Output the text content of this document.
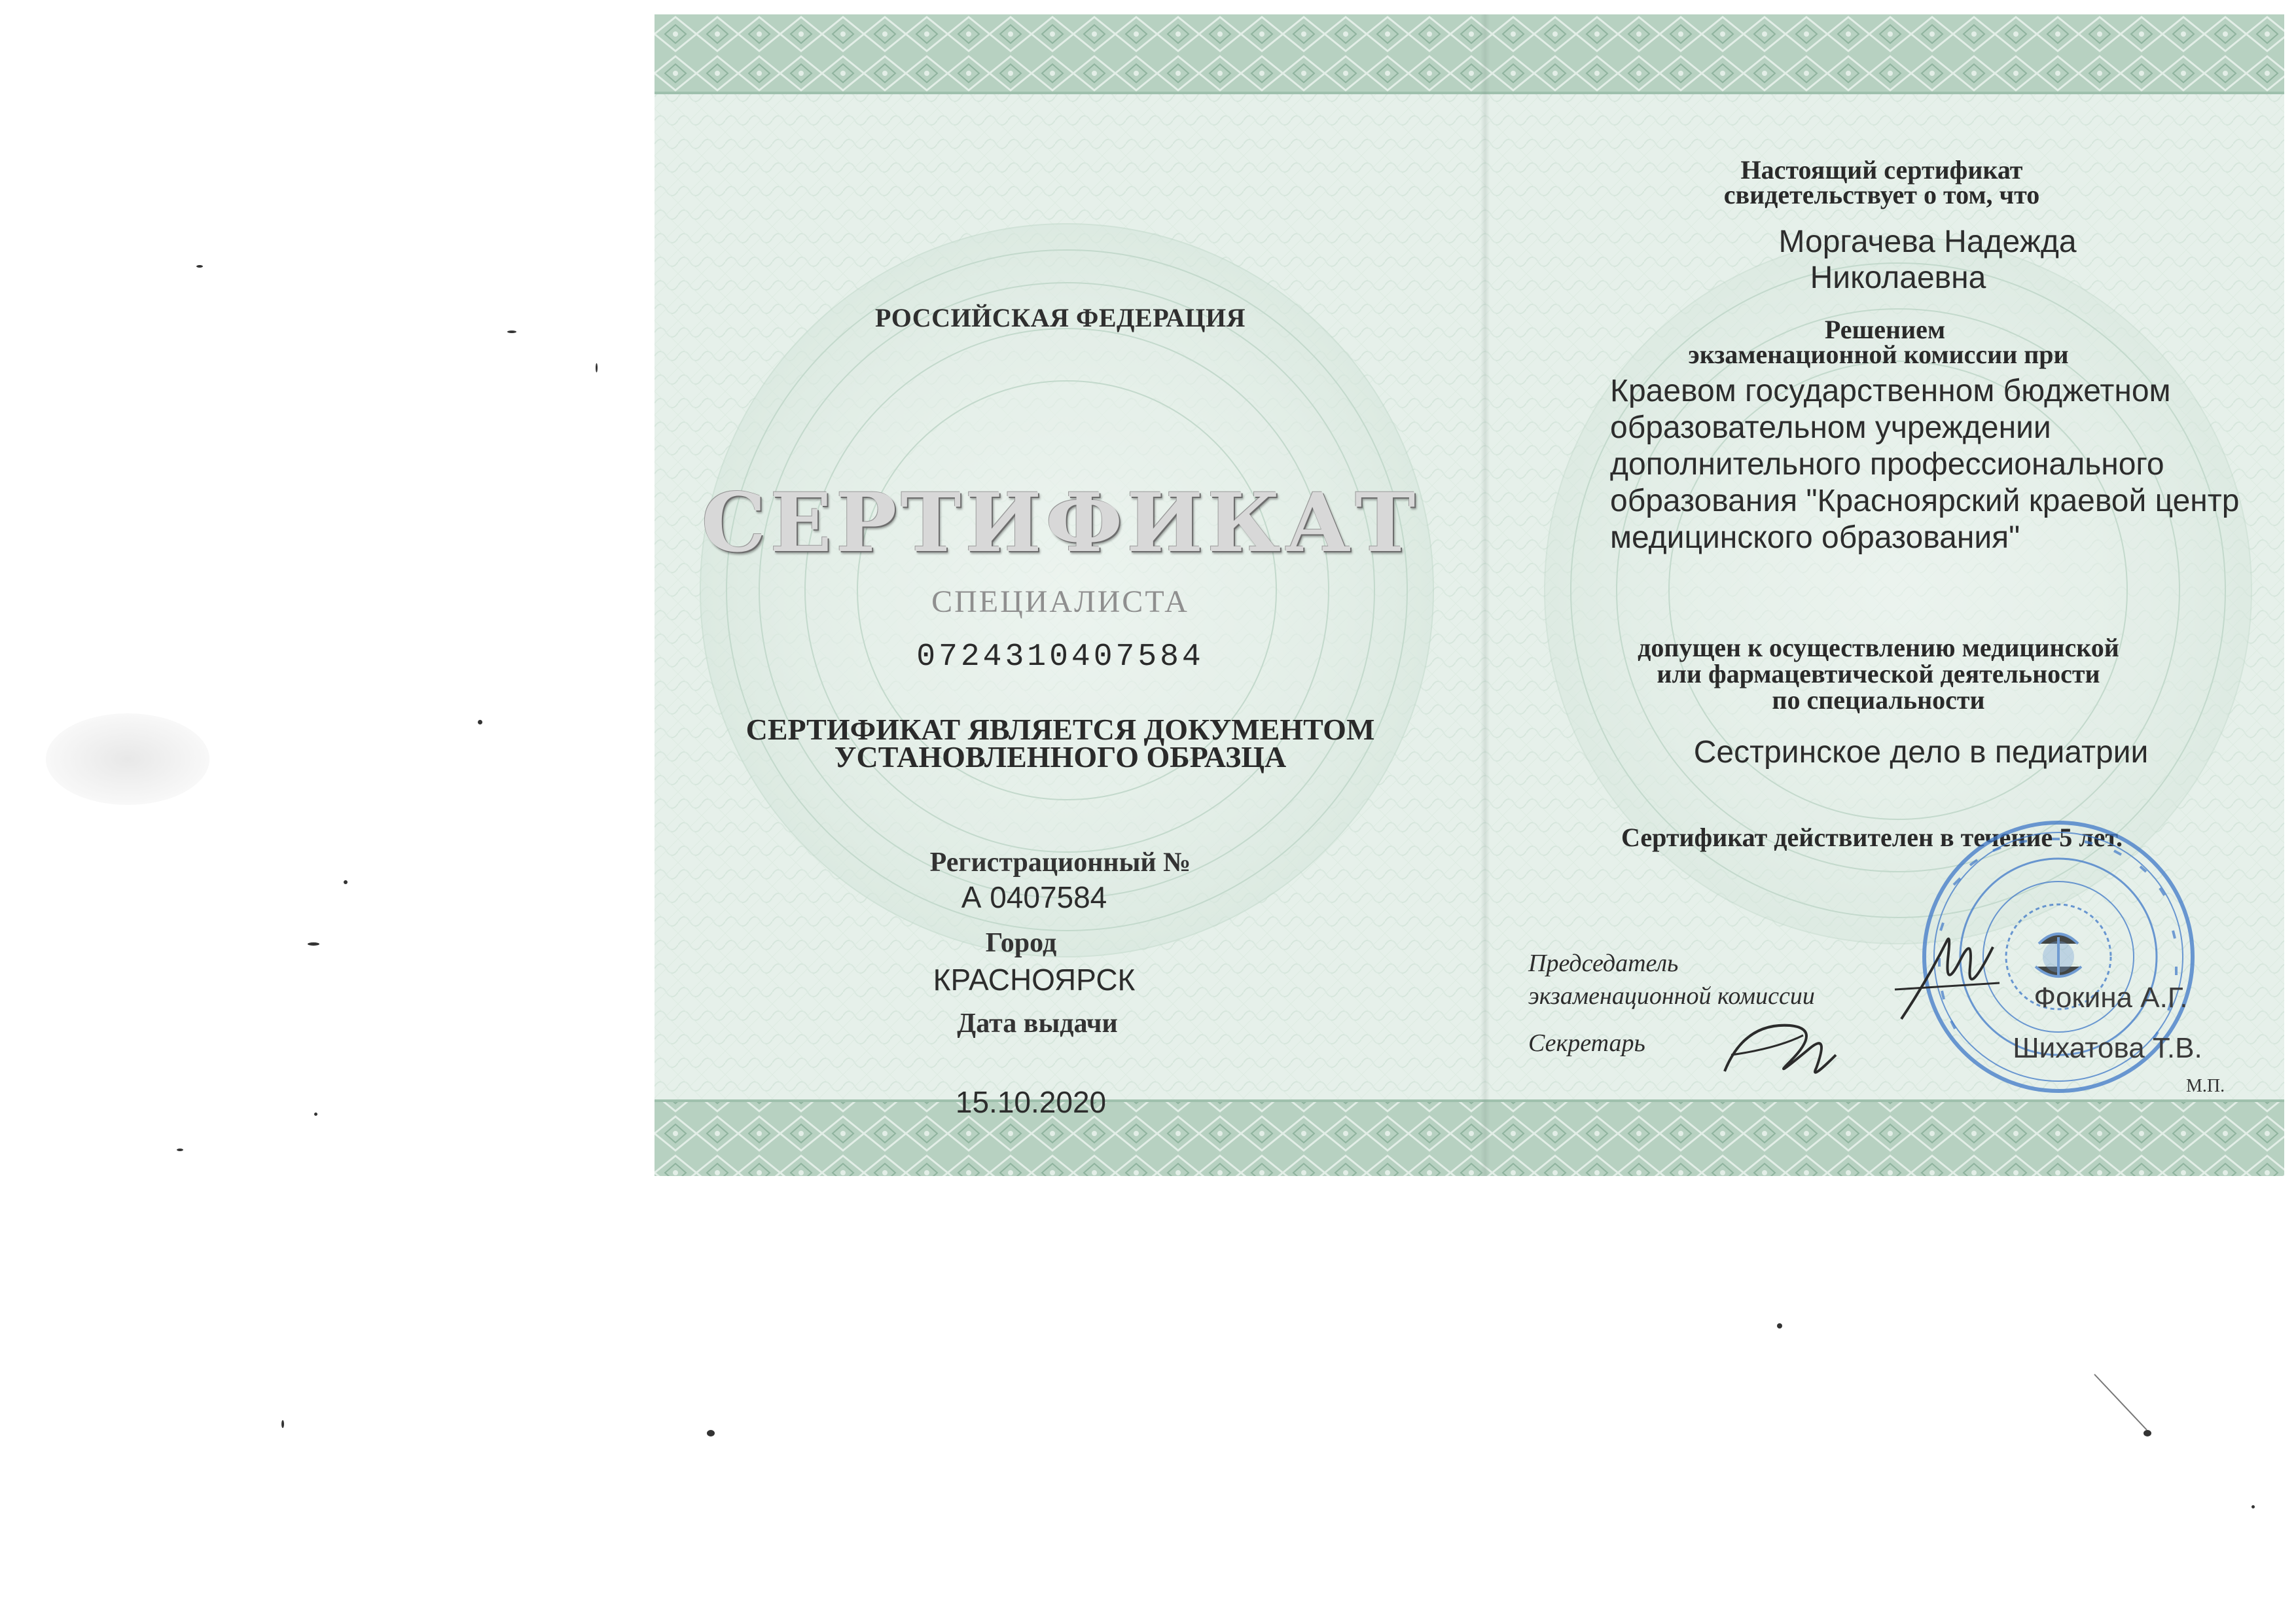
РОССИЙСКАЯ ФЕДЕРАЦИЯ
СЕРТИФИКАТ
СПЕЦИАЛИСТА
0724310407584
СЕРТИФИКАТ ЯВЛЯЕТСЯ ДОКУМЕНТОМ
УСТАНОВЛЕННОГО ОБРАЗЦА
Регистрационный №
А 0407584
Город
КРАСНОЯРСК
Дата выдачи
15.10.2020
Настоящий сертификат
свидетельствует о том, что
Моргачева Надежда
Николаевна
Решением
экзаменационной комиссии при
Краевом государственном бюджетном
образовательном учреждении
дополнительного профессионального
образования "Красноярский краевой центр
медицинского образования"
допущен к осуществлению медицинской
или фармацевтической деятельности
по специальности
Сестринское дело в педиатрии
Сертификат действителен в течение 5 лет.
Председатель
экзаменационной комиссии
Секретарь
Фокина А.Г.
Шихатова Т.В.
М.П.
